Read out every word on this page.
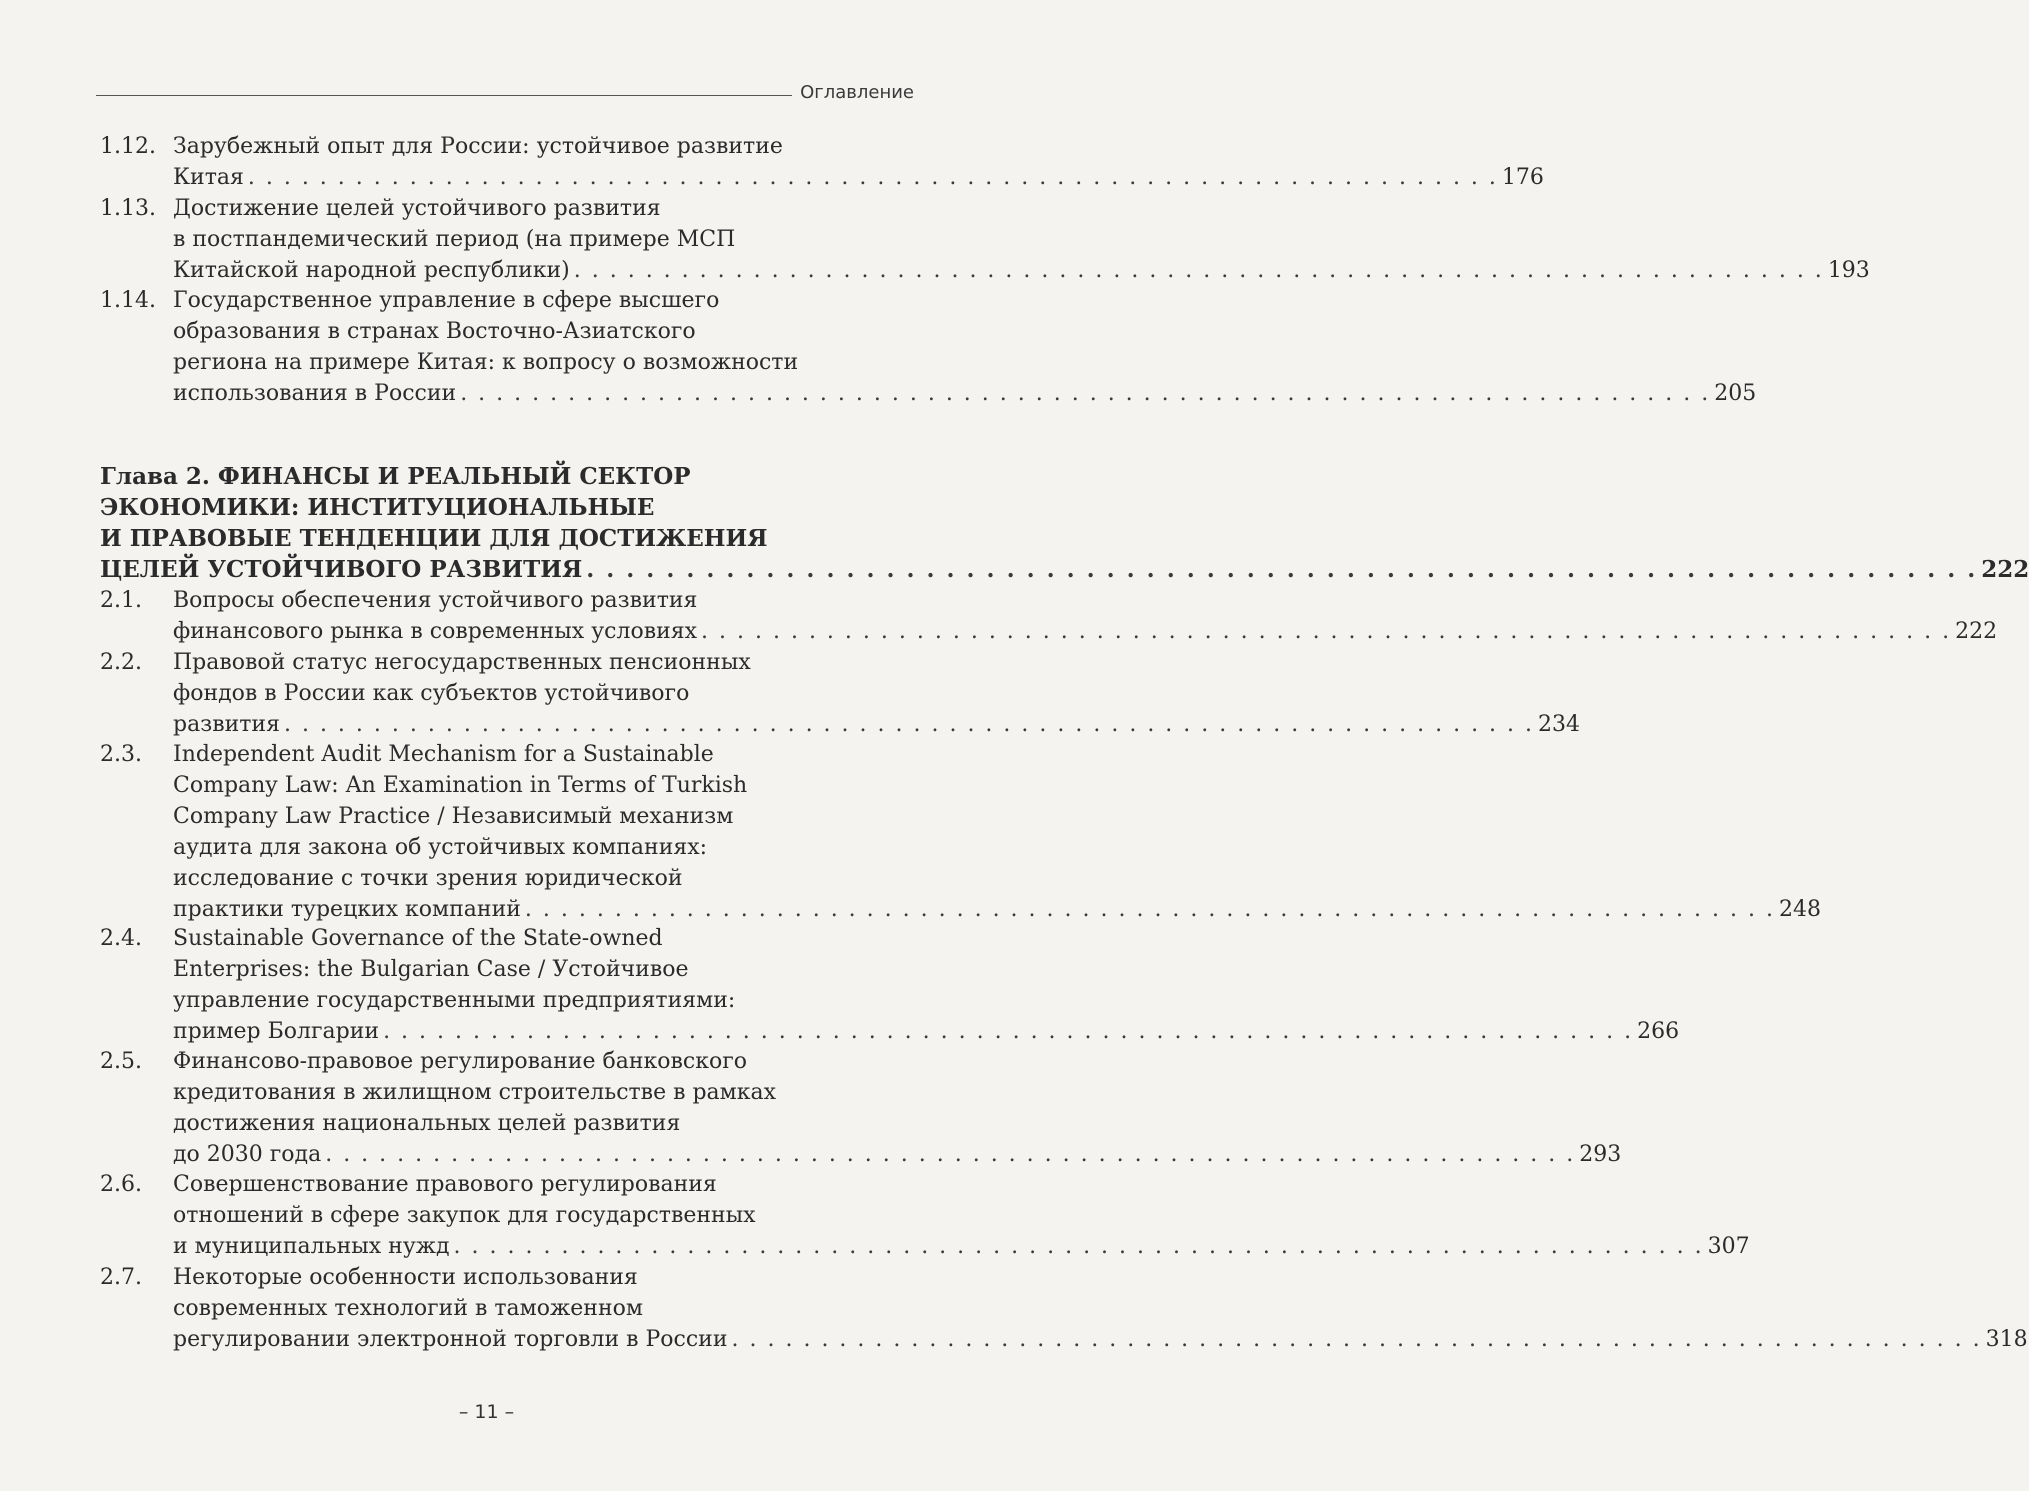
Оглавление
1.12. Зарубежный опыт для России: устойчивое развитие
Китая . . . . . . . . . . . . . . . . . . . . . . . . . . . . . . . . . . . . . . . . . . . . . . . . . . . . . . . . . . . . . . . . . . . . . . 176
1.13. Достижение целей устойчивого развития
в постпандемический период (на примере МСП
Китайской народной республики) . . . . . . . . . . . . . . . . . . . . . . . . . . . . . . . . . . . . . . . . . . . . . . . . . . . . . . . . . . . . . . . . . . . . . . 193
1.14. Государственное управление в сфере высшего
образования в странах Восточно-Азиатского
региона на примере Китая: к вопросу о возможности
использования в России . . . . . . . . . . . . . . . . . . . . . . . . . . . . . . . . . . . . . . . . . . . . . . . . . . . . . . . . . . . . . . . . . . . . . . 205
Глава 2. ФИНАНСЫ И РЕАЛЬНЫЙ СЕКТОР
ЭКОНОМИКИ: ИНСТИТУЦИОНАЛЬНЫЕ
И ПРАВОВЫЕ ТЕНДЕНЦИИ ДЛЯ ДОСТИЖЕНИЯ
ЦЕЛЕЙ УСТОЙЧИВОГО РАЗВИТИЯ . . . . . . . . . . . . . . . . . . . . . . . . . . . . . . . . . . . . . . . . . . . . . . . . . . . . . . . . . . . . . . . . . . . . . . 222
2.1. Вопросы обеспечения устойчивого развития
финансового рынка в современных условиях . . . . . . . . . . . . . . . . . . . . . . . . . . . . . . . . . . . . . . . . . . . . . . . . . . . . . . . . . . . . . . . . . . . . . . 222
2.2. Правовой статус негосударственных пенсионных
фондов в России как субъектов устойчивого
развития . . . . . . . . . . . . . . . . . . . . . . . . . . . . . . . . . . . . . . . . . . . . . . . . . . . . . . . . . . . . . . . . . . . . . . 234
2.3. Independent Audit Mechanism for a Sustainable
Company Law: An Examination in Terms of Turkish
Company Law Practice / Независимый механизм
аудита для закона об устойчивых компаниях:
исследование с точки зрения юридической
практики турецких компаний . . . . . . . . . . . . . . . . . . . . . . . . . . . . . . . . . . . . . . . . . . . . . . . . . . . . . . . . . . . . . . . . . . . . . . 248
2.4. Sustainable Governance of the State-owned
Enterprises: the Bulgarian Case / Устойчивое
управление государственными предприятиями:
пример Болгарии . . . . . . . . . . . . . . . . . . . . . . . . . . . . . . . . . . . . . . . . . . . . . . . . . . . . . . . . . . . . . . . . . . . . . . 266
2.5. Финансово-правовое регулирование банковского
кредитования в жилищном строительстве в рамках
достижения национальных целей развития
до 2030 года . . . . . . . . . . . . . . . . . . . . . . . . . . . . . . . . . . . . . . . . . . . . . . . . . . . . . . . . . . . . . . . . . . . . . . 293
2.6. Совершенствование правового регулирования
отношений в сфере закупок для государственных
и муниципальных нужд . . . . . . . . . . . . . . . . . . . . . . . . . . . . . . . . . . . . . . . . . . . . . . . . . . . . . . . . . . . . . . . . . . . . . . 307
2.7. Некоторые особенности использования
современных технологий в таможенном
регулировании электронной торговли в России . . . . . . . . . . . . . . . . . . . . . . . . . . . . . . . . . . . . . . . . . . . . . . . . . . . . . . . . . . . . . . . . . . . . . . 318
– 11 –
